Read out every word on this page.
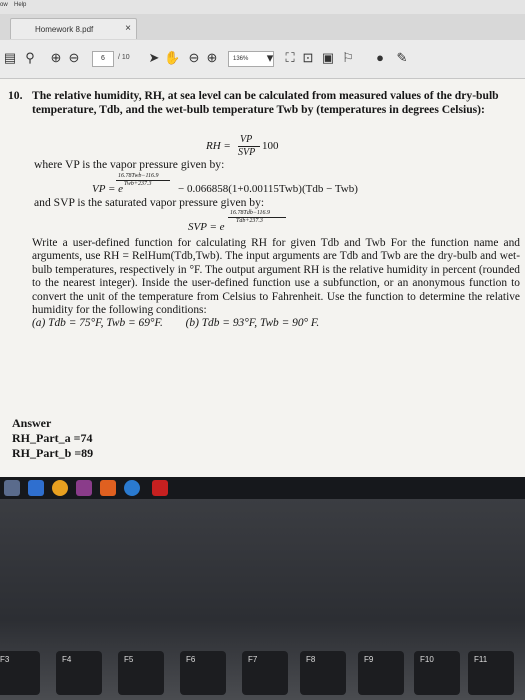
ow Help
Homework 8.pdf	×
▤ ⚲ ⊕ ⊖	6	/ 10 ➤ ✋ ⊖ ⊕	136%	▾ ⛶ ⊡ ▣ ⚐	● ✎
10. The relative humidity, RH, at sea level can be calculated from measured values of the dry-bulb temperature, Tdb, and the wet-bulb temperature Twb by (temperatures in degrees Celsius):
RH =
VP
SVP
100
where VP is the vapor pressure given by:
16.78Twb−116.9
Twb+237.3
VP = e	− 0.066858(1+0.00115Twb)(Tdb − Twb)
and SVP is the saturated vapor pressure given by:
16.78Tdb−116.9
Tdb+237.3
SVP = e
Write a user-defined function for calculating RH for given Tdb and Twb For the function name and arguments, use RH = RelHum(Tdb,Twb). The input arguments are Tdb and Twb are the dry-bulb and wet-bulb temperatures, respectively in °F. The output argument RH is the relative humidity in percent (rounded to the nearest integer). Inside the user-defined function use a subfunction, or an anonymous function to convert the unit of the temperature from Celsius to Fahrenheit. Use the function to determine the relative humidity for the following conditions:
(a) Tdb = 75°F, Twb = 69°F. (b) Tdb = 93°F, Twb = 90° F.
Answer
RH_Part_a =74
RH_Part_b =89
F3	F4	F5	F6	F7	F8	F9	F10	F11
